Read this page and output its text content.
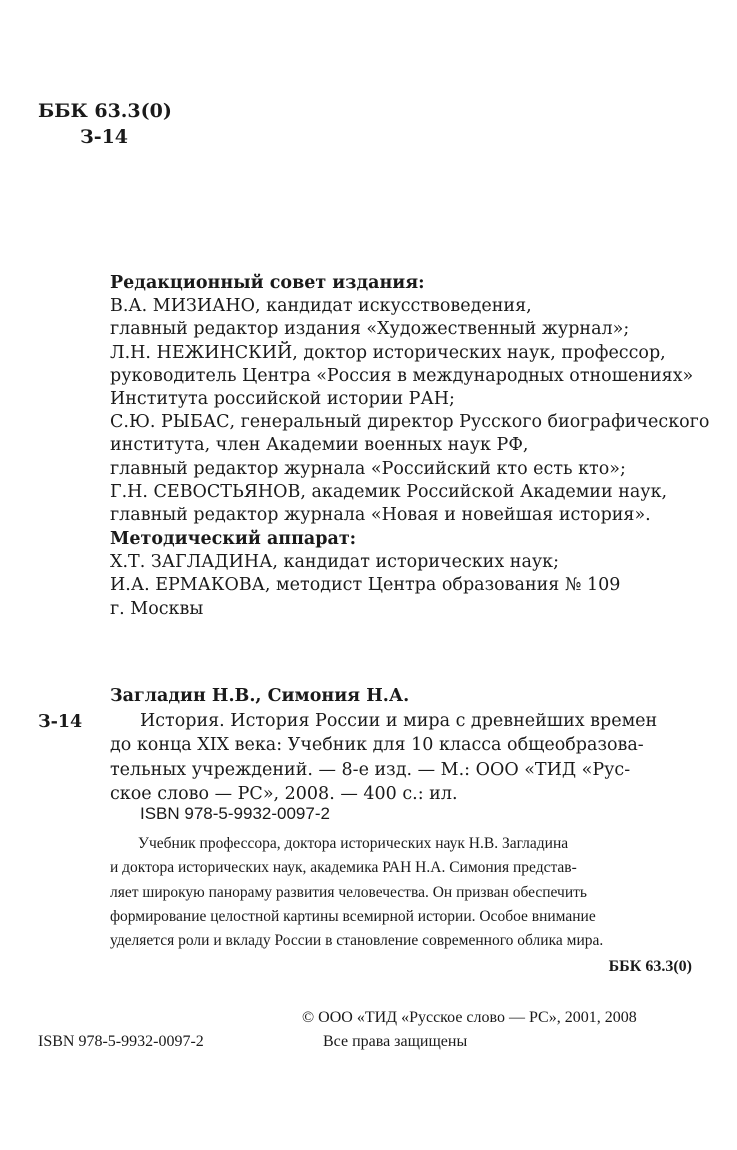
ББК 63.3(0)
З-14
Редакционный совет издания:
В.А. МИЗИАНО, кандидат искусствоведения,
главный редактор издания «Художественный журнал»;
Л.Н. НЕЖИНСКИЙ, доктор исторических наук, профессор,
руководитель Центра «Россия в международных отношениях»
Института российской истории РАН;
С.Ю. РЫБАС, генеральный директор Русского биографического
института, член Академии военных наук РФ,
главный редактор журнала «Российский кто есть кто»;
Г.Н. СЕВОСТЬЯНОВ, академик Российской Академии наук,
главный редактор журнала «Новая и новейшая история».
Методический аппарат:
Х.Т. ЗАГЛАДИНА, кандидат исторических наук;
И.А. ЕРМАКОВА, методист Центра образования № 109
г. Москвы
Загладин Н.В., Симония Н.А.
З-14	История. История России и мира с древнейших времен
до конца XIX века: Учебник для 10 класса общеобразова-
тельных учреждений. — 8-е изд. — М.: ООО «ТИД «Рус-
ское слово — РС», 2008. — 400 с.: ил.
ISBN 978-5-9932-0097-2
Учебник профессора, доктора исторических наук Н.В. Загладина
и доктора исторических наук, академика РАН Н.А. Симония представ-
ляет широкую панораму развития человечества. Он призван обеспечить
формирование целостной картины всемирной истории. Особое внимание
уделяется роли и вкладу России в становление современного облика мира.
ББК 63.3(0)
© ООО «ТИД «Русское слово — РС», 2001, 2008
Все права защищены
ISBN 978-5-9932-0097-2
